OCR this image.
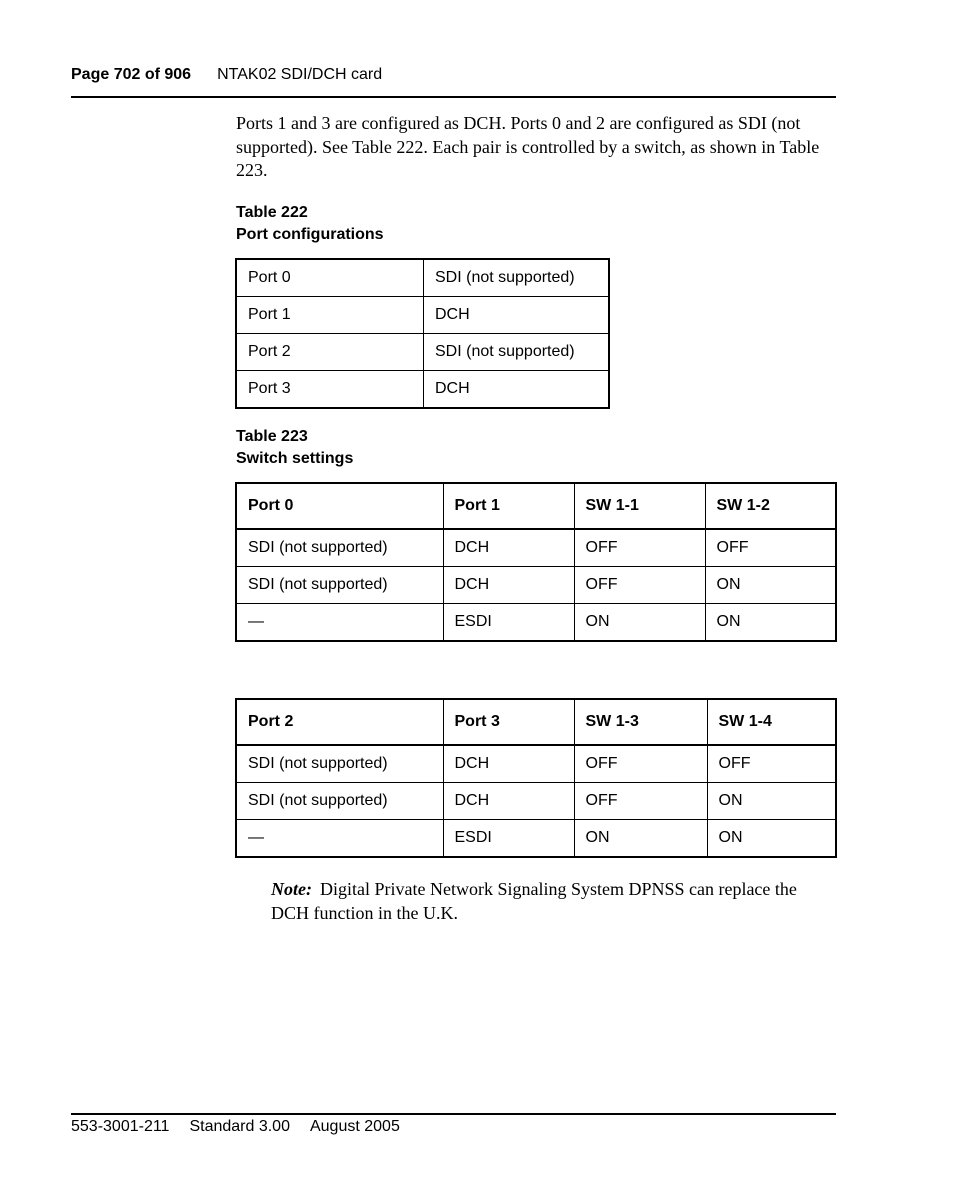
Page 702 of 906 NTAK02 SDI/DCH card
Ports 1 and 3 are configured as DCH. Ports 0 and 2 are configured as SDI (not supported). See Table 222. Each pair is controlled by a switch, as shown in Table 223.
Table 222
Port configurations
Port 0	SDI (not supported)
Port 1	DCH
Port 2	SDI (not supported)
Port 3	DCH
Table 223
Switch settings
Port 0	Port 1	SW 1-1	SW 1-2
SDI (not supported)	DCH	OFF	OFF
SDI (not supported)	DCH	OFF	ON
—	ESDI	ON	ON
Port 2	Port 3	SW 1-3	SW 1-4
SDI (not supported)	DCH	OFF	OFF
SDI (not supported)	DCH	OFF	ON
—	ESDI	ON	ON
Note: Digital Private Network Signaling System DPNSS can replace the DCH function in the U.K.
553-3001-211 Standard 3.00 August 2005
